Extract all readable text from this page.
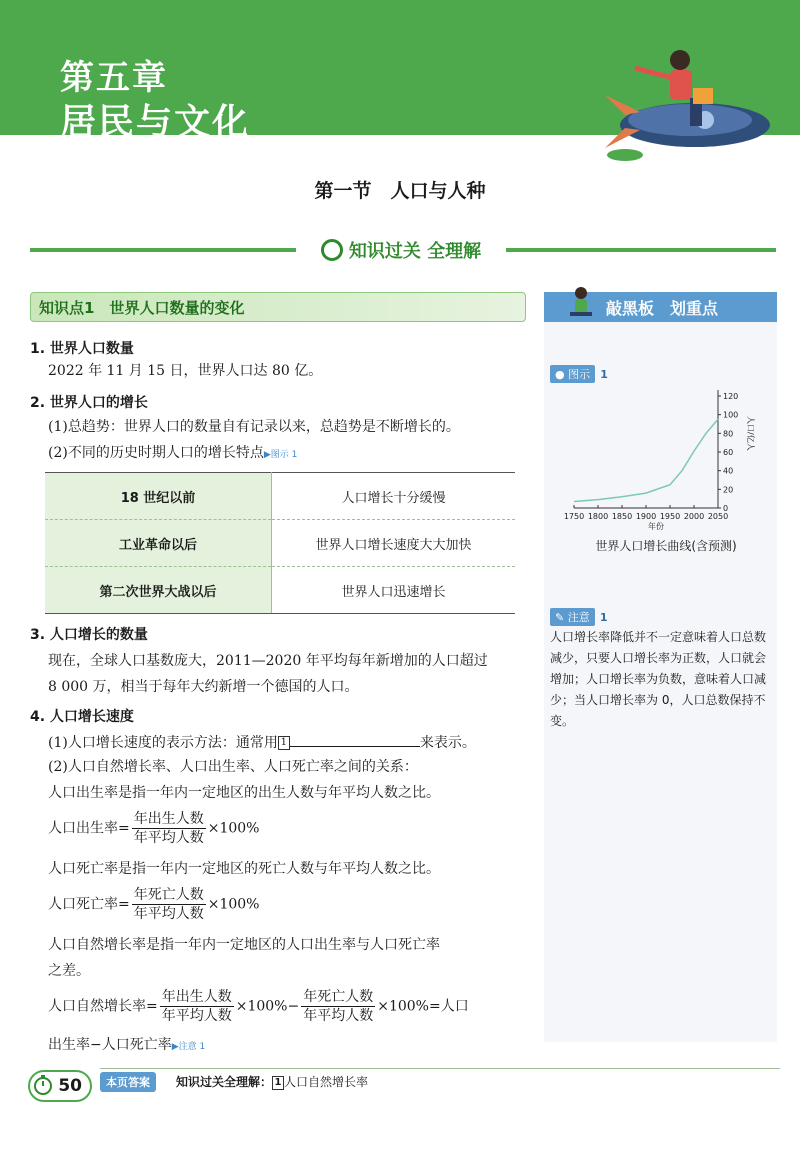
第五章
居民与文化
第一节　人口与人种
知识过关 全理解
知识点1　世界人口数量的变化
1. 世界人口数量
2022 年 11 月 15 日，世界人口达 80 亿。
2. 世界人口的增长
(1)总趋势：世界人口的数量自有记录以来，总趋势是不断增长的。
(2)不同的历史时期人口的增长特点▶图示 1
18 世纪以前	人口增长十分缓慢
工业革命以后	世界人口增长速度大大加快
第二次世界大战以后	世界人口迅速增长
3. 人口增长的数量
现在，全球人口基数庞大，2011—2020 年平均每年新增加的人口超过
8 000 万，相当于每年大约新增一个德国的人口。
4. 人口增长速度
(1)人口增长速度的表示方法：通常用 1	来表示。
(2)人口自然增长率、人口出生率、人口死亡率之间的关系：
人口出生率是指一年内一定地区的出生人数与年平均人数之比。
人口出生率= $\frac{\text{年出生人数}}{\text{年平均人数}} \times 100\%$
人口死亡率是指一年内一定地区的死亡人数与年平均人数之比。
人口死亡率= $\frac{\text{年死亡人数}}{\text{年平均人数}} \times 100\%$
人口自然增长率是指一年内一定地区的人口出生率与人口死亡率
之差。
人口自然增长率= $\frac{\text{年出生人数}}{\text{年平均人数}} \times 100\%- \frac{\text{年死亡人数}}{\text{年平均人数}} \times 100\%=$人口
出生率−人口死亡率▶注意 1
敲黑板　划重点
● 图示 1
1750 1800 1850 1900 1950 2000 2050
0
20
40
60
80
100
120
年份
人口/亿人
世界人口增长曲线(含预测)
✎ 注意 1
人口增长率降低并不一定意味着人口总数减少，只要人口增长率为正数，人口就会增加；人口增长率为负数，意味着人口减少；当人口增长率为 0，人口总数保持不变。
50	本页答案	知识过关全理解： 1 人口自然增长率
